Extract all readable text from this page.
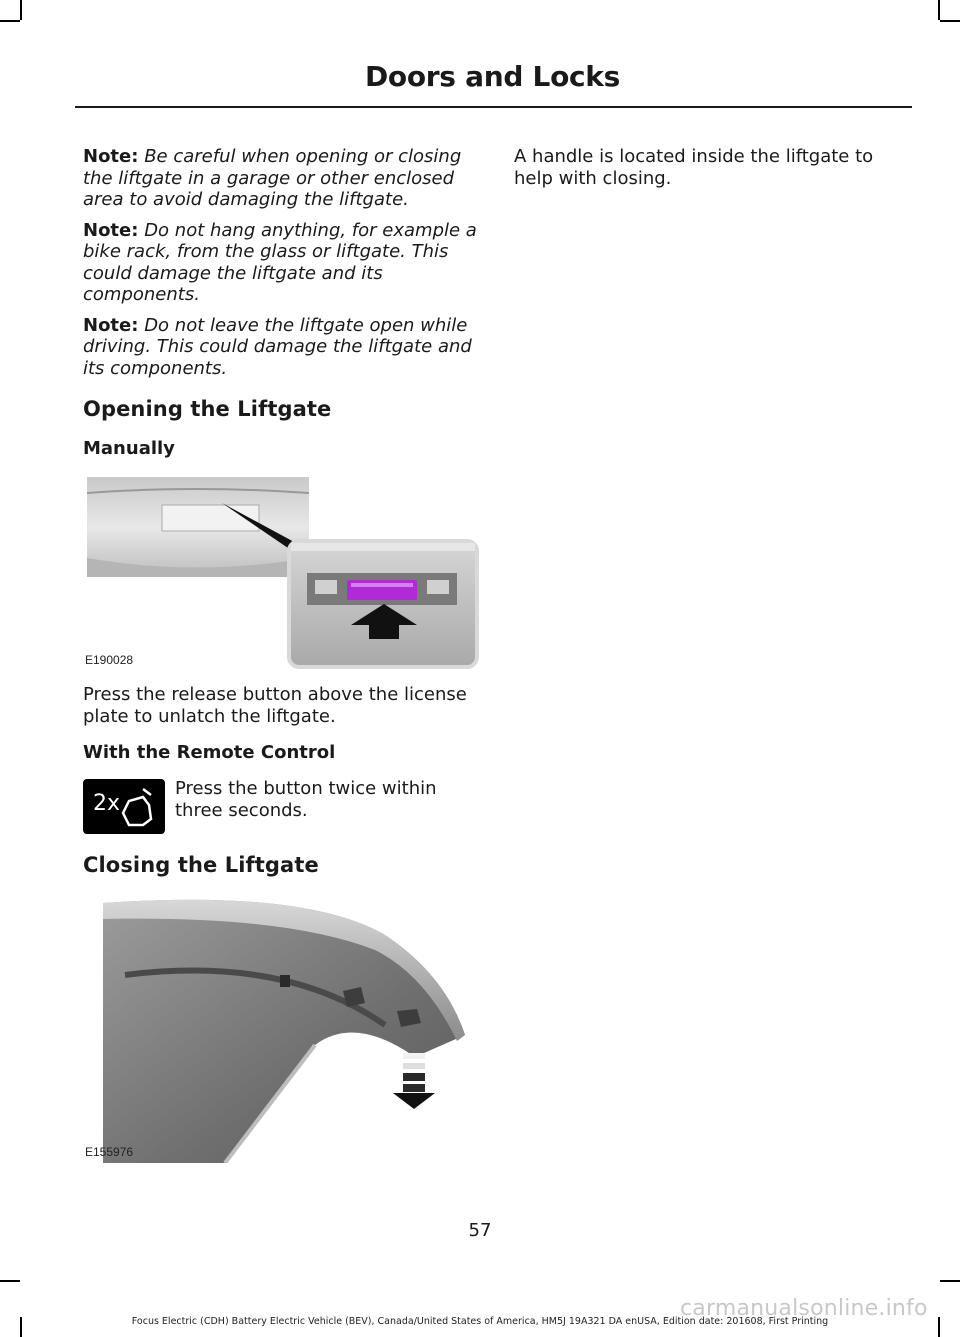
Doors and Locks

Note: Be careful when opening or closing the liftgate in a garage or other enclosed area to avoid damaging the liftgate.

Note: Do not hang anything, for example a bike rack, from the glass or liftgate. This could damage the liftgate and its components.

Note: Do not leave the liftgate open while driving. This could damage the liftgate and its components.

Opening the Liftgate
Manually
E190028

Press the release button above the license plate to unlatch the liftgate.

With the Remote Control
2x

Press the button twice within three seconds.

Closing the Liftgate
E155976

A handle is located inside the liftgate to help with closing.

57
Focus Electric (CDH) Battery Electric Vehicle (BEV), Canada/United States of America, HM5J 19A321 DA enUSA, Edition date: 201608, First Printing
carmanualsonline.info
